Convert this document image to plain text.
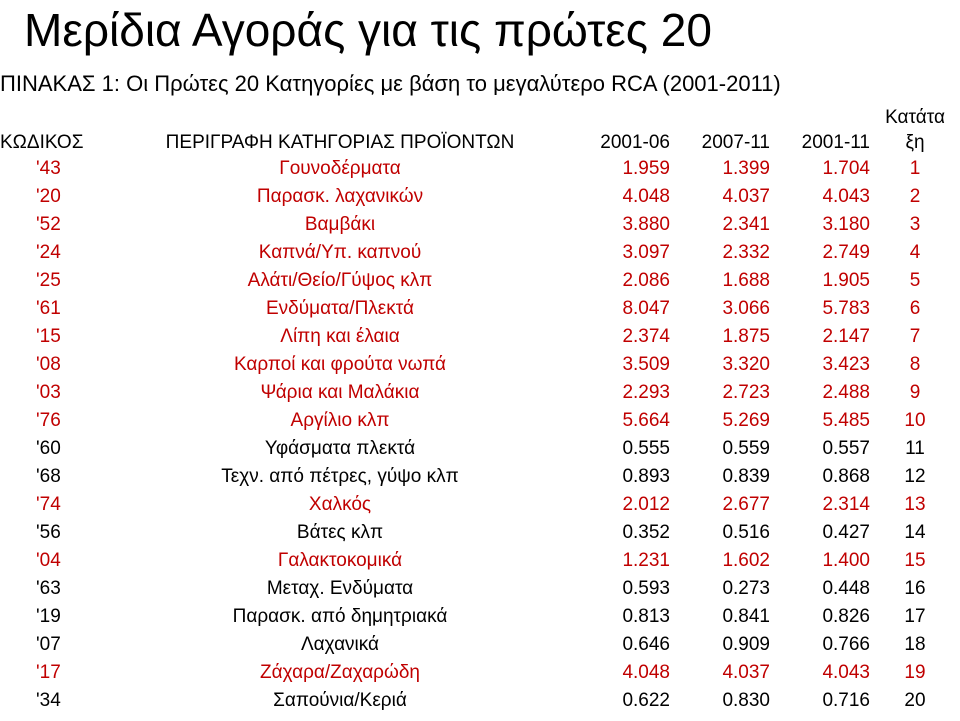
Μερίδια Αγοράς για τις πρώτες 20
ΠΙΝΑΚΑΣ 1: Οι Πρώτες 20 Κατηγορίες με βάση το μεγαλύτερο RCA (2001-2011)
ΚΩΔΙΚΟΣ	ΠΕΡΙΓΡΑΦΗ ΚΑΤΗΓΟΡΙΑΣ ΠΡΟΪΟΝΤΩΝ	2001-06	2007-11	2001-11	Κατάτα
ξη
'43	Γουνοδέρματα	1.959	1.399	1.704	1
'20	Παρασκ. λαχανικών	4.048	4.037	4.043	2
'52	Βαμβάκι	3.880	2.341	3.180	3
'24	Καπνά/Υπ. καπνού	3.097	2.332	2.749	4
'25	Αλάτι/Θείο/Γύψος κλπ	2.086	1.688	1.905	5
'61	Ενδύματα/Πλεκτά	8.047	3.066	5.783	6
'15	Λίπη και έλαια	2.374	1.875	2.147	7
'08	Καρποί και φρούτα νωπά	3.509	3.320	3.423	8
'03	Ψάρια και Μαλάκια	2.293	2.723	2.488	9
'76	Αργίλιο κλπ	5.664	5.269	5.485	10
'60	Υφάσματα πλεκτά	0.555	0.559	0.557	11
'68	Τεχν. από πέτρες, γύψο κλπ	0.893	0.839	0.868	12
'74	Χαλκός	2.012	2.677	2.314	13
'56	Βάτες κλπ	0.352	0.516	0.427	14
'04	Γαλακτοκομικά	1.231	1.602	1.400	15
'63	Μεταχ. Ενδύματα	0.593	0.273	0.448	16
'19	Παρασκ. από δημητριακά	0.813	0.841	0.826	17
'07	Λαχανικά	0.646	0.909	0.766	18
'17	Ζάχαρα/Ζαχαρώδη	4.048	4.037	4.043	19
'34	Σαπούνια/Κεριά	0.622	0.830	0.716	20
